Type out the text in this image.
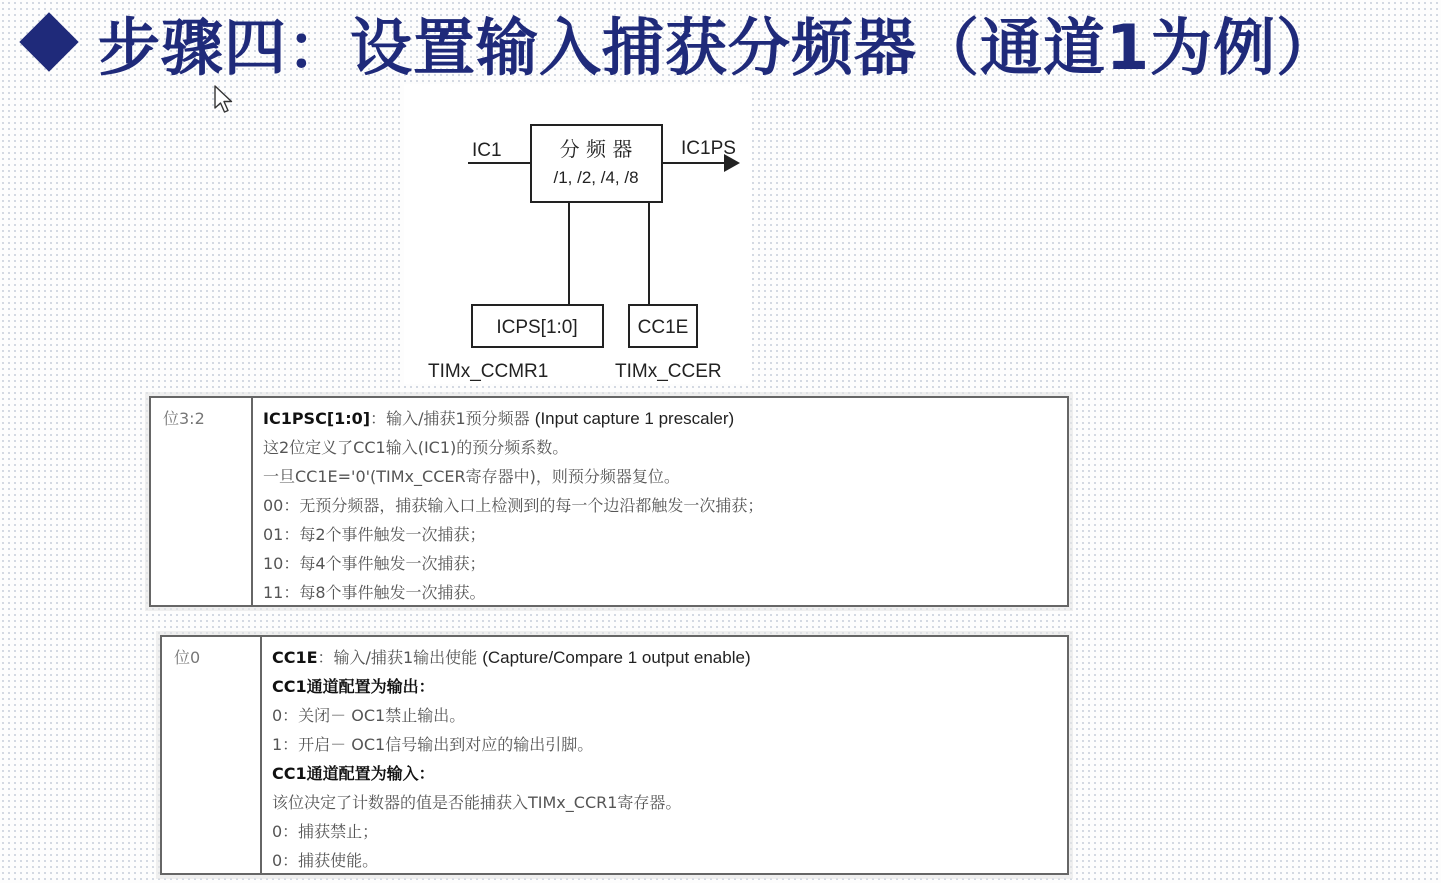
步骤四：设置输入捕获分频器（通道1为例）
IC1	分 频 器
/1, /2, /4, /8
IC1PS
ICPS[1:0]	CC1E
TIMx_CCMR1	TIMx_CCER
位3:2	IC1PSC[1:0]：输入/捕获1预分频器 (Input capture 1 prescaler)
这2位定义了CC1输入(IC1)的预分频系数。
一旦CC1E='0'(TIMx_CCER寄存器中)，则预分频器复位。
00：无预分频器，捕获输入口上检测到的每一个边沿都触发一次捕获；
01：每2个事件触发一次捕获；
10：每4个事件触发一次捕获；
11：每8个事件触发一次捕获。
位0	CC1E：输入/捕获1输出使能 (Capture/Compare 1 output enable)
CC1通道配置为输出：
0：关闭－ OC1禁止输出。
1：开启－ OC1信号输出到对应的输出引脚。
CC1通道配置为输入：
该位决定了计数器的值是否能捕获入TIMx_CCR1寄存器。
0：捕获禁止；
0：捕获使能。
